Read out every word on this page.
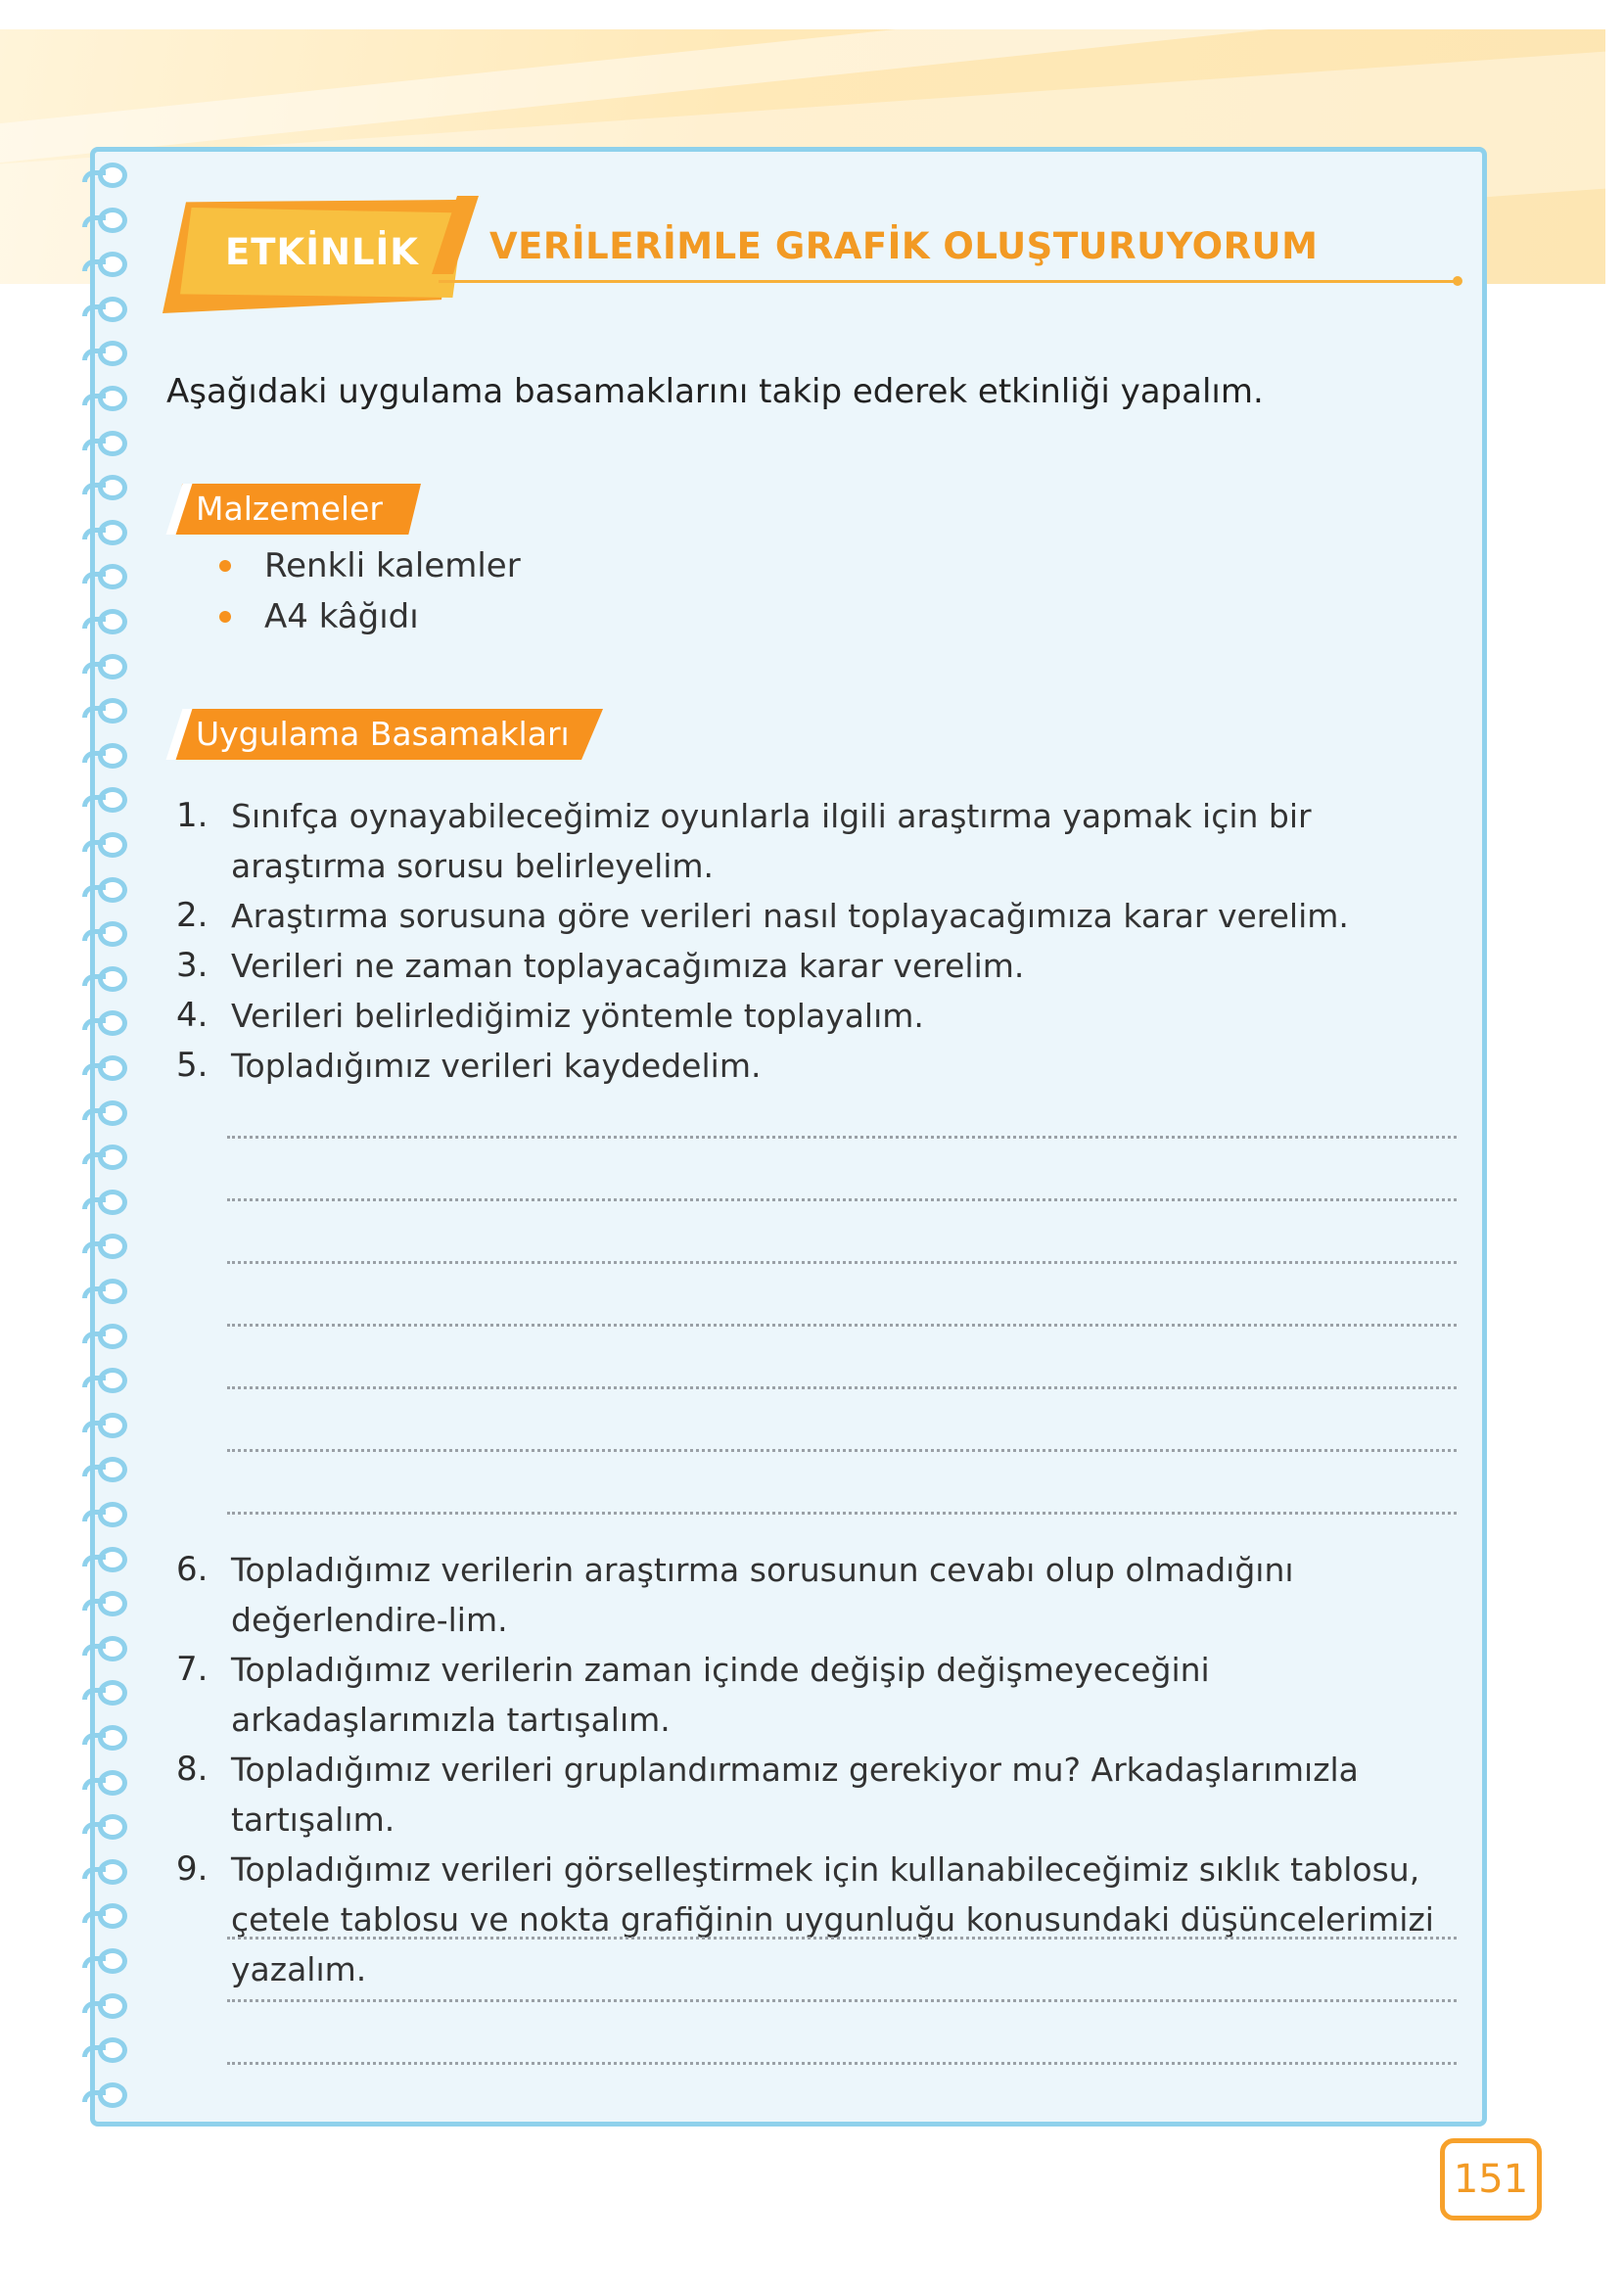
ETKİNLİK	VERİLERİMLE GRAFİK OLUŞTURUYORUM
Aşağıdaki uygulama basamaklarını takip ederek etkinliği yapalım.
Malzemeler
Renkli kalemler
A4 kâğıdı
Uygulama Basamakları
1. Sınıfça oynayabileceğimiz oyunlarla ilgili araştırma yapmak için bir araştırma sorusu belirleyelim.
2. Araştırma sorusuna göre verileri nasıl toplayacağımıza karar verelim.
3. Verileri ne zaman toplayacağımıza karar verelim.
4. Verileri belirlediğimiz yöntemle toplayalım.
5. Topladığımız verileri kaydedelim.
6. Topladığımız verilerin araştırma sorusunun cevabı olup olmadığını değerlendire-lim.
7. Topladığımız verilerin zaman içinde değişip değişmeyeceğini arkadaşlarımızla tartışalım.
8. Topladığımız verileri gruplandırmamız gerekiyor mu? Arkadaşlarımızla tartışalım.
9. Topladığımız verileri görselleştirmek için kullanabileceğimiz sıklık tablosu, çetele tablosu ve nokta grafiğinin uygunluğu konusundaki düşüncelerimizi yazalım.
151
